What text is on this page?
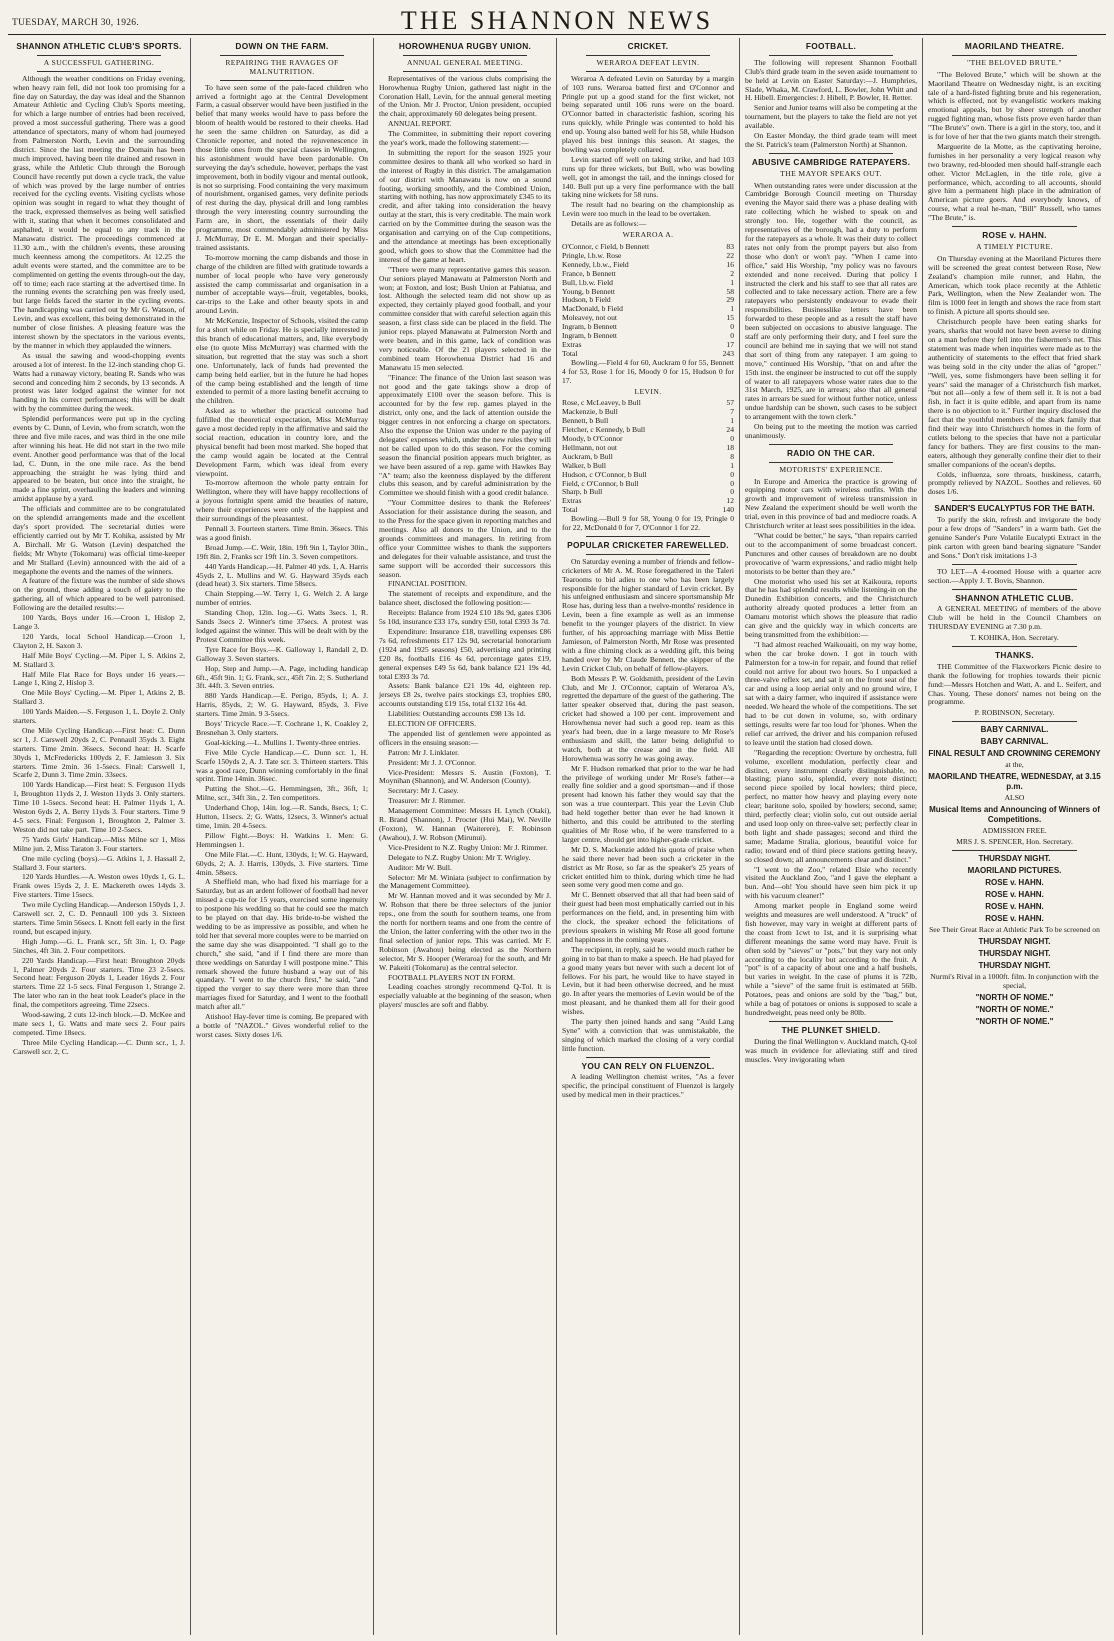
TUESDAY, MARCH 30, 1926.	THE SHANNON NEWS
SHANNON ATHLETIC CLUB'S SPORTS.
A SUCCESSFUL GATHERING.

Although the weather conditions on Friday evening, when heavy rain fell, did not look too promising for a fine day on Saturday, the day was ideal and the Shannon Amateur Athletic and Cycling Club's Sports meeting, for which a large number of entries had been received, proved a most successful gathering. There was a good attendance of spectators, many of whom had journeyed from Palmerston North, Levin and the surrounding district. Since the last meeting the Domain has been much improved, having been tile drained and resown in grass, while the Athletic Club through the Borough Council have recently put down a cycle track, the value of which was proved by the large number of entries received for the cycling events. Visiting cyclists whose opinion was sought in regard to what they thought of the track, expressed themselves as being well satisfied with it, stating that when it becomes consolidated and asphalted, it would be equal to any track in the Manawatu district. The proceedings commenced at 11.30 a.m., with the children's events, these arousing much keenness among the competitors. At 12.25 the adult events were started, and the committee are to be complimented on getting the events through-out the day, off to time; each race starting at the advertised time. In the running events the scratching pen was freely used, but large fields faced the starter in the cycling events. The handicapping was carried out by Mr G. Watson, of Levin, and was excellent, this being demonstrated in the number of close finishes. A pleasing feature was the interest shown by the spectators in the various events, by the manner in which they applauded the winners.

As usual the sawing and wood-chopping events aroused a lot of interest. In the 12-inch standing chop G. Watts had a runaway victory, beating R. Sands who was second and conceding him 2 seconds, by 13 seconds. A protest was later lodged against the winner for not handing in his correct performances; this will be dealt with by the committee during the week.

Splendid performances were put up in the cycling events by C. Dunn, of Levin, who from scratch, won the three and five mile races, and was third in the one mile after winning his heat. He did not start in the two mile event. Another good performance was that of the local lad, C. Dunn, in the one mile race. As the bend approaching the straight he was lying third and appeared to be beaten, but once into the straight, he made a fine sprint, overhauling the leaders and winning amidst applause by a yard.

The officials and committee are to be congratulated on the splendid arrangements made and the excellent day's sport provided. The secretarial duties were efficiently carried out by Mr T. Kohika, assisted by Mr A. Birchall. Mr G. Watson (Levin) despatched the fields; Mr Whyte (Tokomaru) was official time-keeper and Mr Stallard (Levin) announced with the aid of a megaphone the events and the names of the winners.

A feature of the fixture was the number of side shows on the ground, these adding a touch of gaiety to the gathering, all of which appeared to be well patronised. Following are the detailed results:—

100 Yards, Boys under 16.—Croon 1, Hislop 2, Lange 3.

120 Yards, local School Handicap.—Croon 1, Clayton 2, H. Saxon 3.

Half Mile Boys' Cycling.—M. Piper 1, S. Atkins 2, M. Stallard 3.

Half Mile Flat Race for Boys under 16 years.—Lange 1, King 2, Hislop 3.

One Mile Boys' Cycling.—M. Piper 1, Atkins 2, B. Stallard 3.

100 Yards Maiden.—S. Ferguson 1, L. Doyle 2. Only starters.

One Mile Cycling Handicap.—First heat: C. Dunn scr 1, J. Carswell 20yds 2, C. Pennaull 35yds 3. Eight starters. Time 2min. 36secs. Second heat: H. Scarfe 30yds 1, McFredericks 100yds 2, F. Jamieson 3. Six starters. Time 2min. 36 1-5secs. Final: Carswell 1, Scarfe 2, Dunn 3. Time 2min. 33secs.

100 Yards Handicap.—First heat: S. Ferguson 11yds 1, Broughton 11yds 2, J. Weston 11yds 3. Only starters. Time 10 1-5secs. Second heat: H. Palmer 11yds 1, A. Weston 6yds 2, A. Berry 11yds 3. Four starters. Time 9 4-5 secs. Final: Ferguson 1, Broughton 2, Palmer 3. Weston did not take part. Time 10 2-5secs.

75 Yards Girls' Handicap.—Miss Milne scr 1, Miss Milne jun. 2, Miss Taraton 3. Four starters.

One mile cycling (boys).—G. Atkins 1, J. Hassall 2, Stallard 3. Four starters.

120 Yards Hurdles.—A. Weston owes 10yds 1, G. L. Frank owes 15yds 2, J. E. Mackereth owes 14yds 3. Five starters. Time 15secs.

Two mile Cycling Handicap.—Anderson 150yds 1, J. Carswell scr. 2, C. D. Pennaull 100 yds 3. Sixteen starters. Time 5min 56secs. I. Knott fell early in the first round, but escaped injury.

High Jump.—G. L. Frank scr., 5ft 3in. 1, O. Page 5inches, 4ft 3in. 2. Four competitors.

220 Yards Handicap.—First heat: Broughton 20yds 1, Palmer 20yds 2. Four starters. Time 23 2-5secs. Second heat: Ferguson 20yds 1, Leader 16yds 2. Four starters. Time 22 1-5 secs. Final Ferguson 1, Strange 2. The later who ran in the heat took Leader's place in the final, the competitors agreeing. Time 22secs.

Wood-sawing, 2 cuts 12-inch block.—D. McKee and mate secs 1, G. Watts and mate secs 2. Four pairs competed. Time 18secs.

Three Mile Cycling Handicap.—C. Dunn scr., 1, J. Carswell scr. 2, C.

DOWN ON THE FARM.
REPAIRING THE RAVAGES OF MALNUTRITION.

To have seen some of the pale-faced children who arrived a fortnight ago at the Central Development Farm, a casual observer would have been justified in the belief that many weeks would have to pass before the bloom of health would be restored to their cheeks. Had he seen the same children on Saturday, as did a Chronicle reporter, and noted the rejuvenescence in those little ones from the special classes in Wellington, his astonishment would have been pardonable. On surveying the day's schedule, however, perhaps the vast improvement, both in bodily vigour and mental outlook, is not so surprising. Food containing the very maximum of nourishment, organised games, very definite periods of rest during the day, physical drill and long rambles through the very interesting country surrounding the Farm are, in short, the essentials of their daily programme, most commendably administered by Miss J. McMurray, Dr E. M. Morgan and their specially-trained assistants.

To-morrow morning the camp disbands and those in charge of the children are filled with gratitude towards a number of local people who have very generously assisted the camp commissariat and organisation in a number of acceptable ways—fruit, vegetables, books, car-trips to the Lake and other beauty spots in and around Levin.

Mr McKenzie, Inspector of Schools, visited the camp for a short while on Friday. He is specially interested in this branch of educational matters, and, like everybody else (to quote Miss McMurray) was charmed with the situation, but regretted that the stay was such a short one. Unfortunately, lack of funds had prevented the camp being held earlier, but in the future he had hopes of the camp being established and the length of time extended to permit of a more lasting benefit accruing to the children.

Asked as to whether the practical outcome had fulfilled the theoretical expectation, Miss McMurray gave a most decided reply in the affirmative and said the social reaction, education in country lore, and the physical benefit had been most marked. She hoped that the camp would again be located at the Central Development Farm, which was ideal from every viewpoint.

To-morrow afternoon the whole party entrain for Wellington, where they will have happy recollections of a joyous fortnight spent amid the beauties of nature, where their experiences were only of the happiest and their surroundings of the pleasantest.

Pennall 3. Fourteen starters. Time 8min. 36secs. This was a good finish.

Broad Jump.—C. Weir, 18in. 19ft 9in 1, Taylor 30in., 19ft 8in. 2, Franks scr 19ft 1in. 3. Seven competitors.

440 Yards Handicap.—H. Palmer 40 yds. 1, A. Harris 45yds 2, L. Mullins and W. G. Hayward 35yds each (dead heat) 3. Six starters. Time 58secs.

Chain Stepping.—W. Terry 1, G. Welch 2. A large number of entries.

Standing Chop, 12in. log.—G. Watts 3secs. 1, R. Sands 3secs 2. Winner's time 37secs. A protest was lodged against the winner. This will be dealt with by the Protest Committee this week.

Tyre Race for Boys.—K. Galloway 1, Randall 2, D. Galloway 3. Seven starters.

Hop, Step and Jump.—A. Page, including handicap 6ft., 45ft 9in. 1; G. Frank, scr., 45ft 7in. 2; S. Sutherland 3ft. 44ft. 3. Seven entries.

880 Yards Handicap.—E. Perigo, 85yds, 1; A. J. Harris, 85yds, 2; W. G. Hayward, 85yds, 3. Five starters. Time 2min. 9 3-5secs.

Boys' Tricycle Race.—T. Cochrane 1, K. Coakley 2, Bresnehan 3. Only starters.

Goal-kicking.—L. Mullins 1. Twenty-three entries.

Five Mile Cycle Handicap.—C. Dunn scr. 1, H. Scarfe 150yds 2, A. J. Tate scr. 3. Thirteen starters. This was a good race, Dunn winning comfortably in the final sprint. Time 14min. 36sec.

Putting the Shot.—G. Hemmingsen, 3ft., 36ft, 1; Milne, scr., 34ft 3in., 2. Ten competitors.

Underhand Chop, 14in. log.—R. Sands, 8secs, 1; C. Hutton, 11secs. 2; G. Watts, 12secs, 3. Winner's actual time, 1min. 20 4-5secs.

Pillow Fight.—Boys: H. Watkins 1. Men: G. Hemmingsen 1.

One Mile Flat.—C. Hunt, 130yds, 1; W. G. Hayward, 60yds, 2; A. J. Harris, 130yds, 3. Five starters. Time 4min. 58secs.

A Sheffield man, who had fixed his marriage for a Saturday, but as an ardent follower of football had never missed a cup-tie for 15 years, exercised some ingenuity to postpone his wedding so that he could see the match to be played on that day. His bride-to-be wished the wedding to be as impressive as possible, and when he told her that several more couples were to be married on the same day she was disappointed. "I shall go to the church," she said, "and if I find there are more than three weddings on Saturday I will postpone mine." This remark showed the future husband a way out of his quandary. "I went to the church first," he said, "and tipped the verger to say there were more than three marriages fixed for Saturday, and I went to the football match after all."

Atishoo! Hay-fever time is coming. Be prepared with a bottle of "NAZOL." Gives wonderful relief to the worst cases. Sixty doses 1/6.

HOROWHENUA RUGBY UNION.
ANNUAL GENERAL MEETING.

Representatives of the various clubs comprising the Horowhenua Rugby Union, gathered last night in the Coronation Hall, Levin, for the annual general meeting of the Union. Mr J. Proctor, Union president, occupied the chair, approximately 60 delegates being present.

ANNUAL REPORT.

The Committee, in submitting their report covering the year's work, made the following statement:—

In submitting the report for the season 1925 your committee desires to thank all who worked so hard in the interest of Rugby in this district. The amalgamation of our district with Manawatu is now on a sound footing, working smoothly, and the Combined Union, starting with nothing, has now approximately £345 to its credit, and after taking into consideration the heavy outlay at the start, this is very creditable. The main work carried on by the Committee during the season was the organisation and carrying on of the Cup competitions, and the attendance at meetings has been exceptionally good, which goes to show that the Committee had the interest of the game at heart.

"There were many representative games this season. Our seniors played Manawatu at Palmerston North and won; at Foxton, and lost; Bush Union at Pahiatua, and lost. Although the selected team did not show up as expected, they certainly played good football, and your committee consider that with careful selection again this season, a first class side can be placed in the field. The junior reps. played Manawatu at Palmerston North and were beaten, and in this game, lack of condition was very noticeable. Of the 21 players selected in the combined team Horowhenua District had 16 and Manawatu 15 men selected.

"Finance: The finance of the Union last season was not good and the gate takings show a drop of approximately £100 over the season before. This is accounted for by the few rep. games played in the district, only one, and the lack of attention outside the bigger centres in not enforcing a charge on spectators. Also the expense the Union was under re the paying of delegates' expenses which, under the new rules they will not be called upon to do this season. For the coming season the financial position appears much brighter, as we have been assured of a rep. game with Hawkes Bay "A" team; also the keenness displayed by the different clubs this season, and by careful administration by the Committee we should finish with a good credit balance.

"Your Committee desires to thank the Referees' Association for their assistance during the season, and to the Press for the space given in reporting matches and meetings. Also all donors to the Union, and to the grounds committees and managers. In retiring from office your Committee wishes to thank the supporters and delegates for their valuable assistance, and trust the same support will be accorded their successors this season.

FINANCIAL POSITION.

The statement of receipts and expenditure, and the balance sheet, disclosed the following position:—

Receipts: Balance from 1924 £10 18s 9d, gates £306 5s 10d, insurance £33 17s, sundry £50, total £393 3s 7d.

Expenditure: Insurance £18, travelling expenses £86 7s 6d, refreshments £17 12s 9d, secretarial honorarium (1924 and 1925 seasons) £50, advertising and printing £20 8s, footballs £16 4s 6d, percentage gates £19, general expenses £49 5s 6d, bank balance £21 19s 4d, total £393 3s 7d.

Assets: Bank balance £21 19s 4d, eighteen rep. jerseys £8 2s, twelve pairs stockings £3, trophies £80, accounts outstanding £19 15s, total £132 16s 4d.

Liabilities: Outstanding accounts £98 13s 1d.

ELECTION OF OFFICERS.

The appended list of gentlemen were appointed as officers in the ensuing season:—

Patron: Mr J. Linklater.

President: Mr J. J. O'Connor.

Vice-President: Messrs S. Austin (Foxton), T. Moynihan (Shannon), and W. Anderson (County).

Secretary: Mr J. Casey.

Treasurer: Mr J. Rimmer.

Management Committee: Messrs H. Lynch (Otaki), R. Brand (Shannon), J. Procter (Hui Mai), W. Neville (Foxton), W. Hannan (Waiterere), F. Robinson (Awahou), J. W. Robson (Mirunui).

Vice-President to N.Z. Rugby Union: Mr J. Rimmer.

Delegate to N.Z. Rugby Union: Mr T. Wrigley.

Auditor: Mr W. Bull.

Selector: Mr M. Winiata (subject to confirmation by the Management Committee).

Mr W. Hannan moved and it was seconded by Mr J. W. Robson that there be three selectors of the junior reps., one from the south for southern teams, one from the north for northern teams and one from the centre of the Union, the latter conferring with the other two in the final selection of junior reps. This was carried. Mr F. Robinson (Awahou) being elected as the Northern selector, Mr S. Hooper (Weraroa) for the south, and Mr W. Pakeiti (Tokomaru) as the central selector.

FOOTBALL PLAYERS NOT IN FORM.

Leading coaches strongly recommend Q-Tol. It is especially valuable at the beginning of the season, when players' muscles are soft and flabby.

CRICKET.
WERAROA DEFEAT LEVIN.

Weraroa A defeated Levin on Saturday by a margin of 103 runs. Weraroa batted first and O'Connor and Pringle put up a good stand for the first wicket, not being separated until 106 runs were on the board. O'Connor batted in characteristic fashion, scoring his runs quickly, while Pringle was contented to hold his end up. Young also batted well for his 58, while Hudson played his best innings this season. At stages, the bowling was completely collared.

Levin started off well on taking strike, and had 103 runs up for three wickets, but Bull, who was bowling well, got in amongst the tail, and the innings closed for 140. Bull put up a very fine performance with the ball taking nine wickets for 58 runs.

The result had no bearing on the championship as Levin were too much in the lead to be overtaken.

Details are as follows:—

WERAROA A.
O'Connor, c Field, b Bennett	83
Pringle, l.b.w. Rose	22
Kennedy, l.b.w., Field	16
France, b Bennett	2
Bull, l.b.w. Field	1
Young, b Bennett	58
Hudson, b Field	29
MacDonald, b Field	1
Moleavey, not out	15
Ingram, b Bennett	0
Ingram, b Bennett	0
Extras	17
Total	243

Bowling.—Field 4 for 60, Auckram 0 for 55, Bennett 4 for 53, Rose 1 for 16, Moody 0 for 15, Hudson 0 for 17.

LEVIN.
Rose, c McLeavey, b Bull	57
Mackenzie, b Bull	7
Bennett, b Bull	1
Fletcher, c Kennedy, b Bull	24
Moody, b O'Connor	0
Hellmann, not out	18
Auckram, b Bull	8
Walker, b Bull	1
Hudson, c O'Connor, b Bull	0
Field, c O'Connor, b Bull	0
Sharp, b Bull	0
Extras	12
Total	140

Bowling.—Bull 9 for 58, Young 0 for 19, Pringle 0 for 22, McDonald 0 for 7, O'Connor 1 for 22.

POPULAR CRICKETER FAREWELLED.

On Saturday evening a number of friends and fellow-cricketers of Mr A. M. Rose foregathered in the Taleri Tearooms to bid adieu to one who has been largely responsible for the higher standard of Levin cricket. By his unfeigned enthusiasm and sincere sportsmanship Mr Rose has, during less than a twelve-months' residence in Levin, been a fine example as well as an immense benefit to the younger players of the district. In view further, of his approaching marriage with Miss Bettie Jamieson, of Palmerston North, Mr Rose was presented with a fine chiming clock as a wedding gift, this being handed over by Mr Claude Bennett, the skipper of the Levin Cricket Club, on behalf of fellow-players.

Both Messrs P. W. Goldsmith, president of the Levin Club, and Mr J. O'Connor, captain of Weraroa A's, regretted the departure of the guest of the gathering. The latter speaker observed that, during the past season, cricket had showed a 100 per cent. improvement and Horowhenua never had such a good rep. team as this year's had been, due in a large measure to Mr Rose's enthusiasm and skill, the latter being delightful to watch, both at the crease and in the field. All Horowhenua was sorry he was going away.

Mr F. Hudson remarked that prior to the war he had the privilege of working under Mr Rose's father—a really fine soldier and a good sportsman—and if those present had known his father they would say that the son was a true counterpart. This year the Levin Club had held together better than ever he had known it hitherto, and this could be attributed to the sterling qualities of Mr Rose who, if he were transferred to a larger centre, should get into higher-grade cricket.

Mr D. S. Mackenzie added his quota of praise when he said there never had been such a cricketer in the district as Mr Rose, so far as the speaker's 25 years of cricket entitled him to think, during which time he had seen some very good men come and go.

Mr C. Bennett observed that all that had been said of their guest had been most emphatically carried out in his performances on the field, and, in presenting him with the clock, the speaker echoed the felicitations of previous speakers in wishing Mr Rose all good fortune and happiness in the coming years.

The recipient, in reply, said he would much rather be going in to bat than to make a speech. He had played for a good many years but never with such a decent lot of fellows. For his part, he would like to have stayed in Levin, but it had been otherwise decreed, and he must go. In after years the memories of Levin would be of the most pleasant, and he thanked them all for their good wishes.

The party then joined hands and sang "Auld Lang Syne" with a conviction that was unmistakable, the singing of which marked the closing of a very cordial little function.

YOU CAN RELY ON FLUENZOL.

A leading Wellington chemist writes, "As a fever specific, the principal constituent of Fluenzol is largely used by medical men in their practices."

FOOTBALL.

The following will represent Shannon Football Club's third grade team in the seven aside tournament to be held at Levin on Easter Saturday:—J. Humphries, Slade, Whaka, M. Crawford, L. Bowler, John Whitt and H. Hibell. Emergencies: J. Hibell, P. Bowler, H. Retter.

Senior and Junior teams will also be competing at the tournament, but the players to take the field are not yet available.

On Easter Monday, the third grade team will meet the St. Patrick's team (Palmerston North) at Shannon.

ABUSIVE CAMBRIDGE RATEPAYERS.
THE MAYOR SPEAKS OUT.

When outstanding rates were under discussion at the Cambridge Borough Council meeting on Thursday evening the Mayor said there was a phase dealing with rate collecting which he wished to speak on and strongly too. He, together with the council, as representatives of the borough, had a duty to perform for the ratepayers as a whole. It was their duty to collect rates not only from the prompt payers but also from those who don't or won't pay. "When I came into office," said His Worship, "my policy was no favours extended and none received. During that policy I instructed the clerk and his staff to see that all rates are collected and to take necessary action. There are a few ratepayers who persistently endeavour to evade their responsibilities. Businesslike letters have been forwarded to these people and as a result the staff have been subjected on occasions to abusive language. The staff are only performing their duty, and I feel sure the council are behind me in saying that we will not stand that sort of thing from any ratepayer. I am going to move," continued His Worship, "that on and after the 15th inst. the engineer be instructed to cut off the supply of water to all ratepayers whose water rates due to the 31st March, 1925, are in arrears; also that all general rates in arrears be sued for without further notice, unless undue hardship can be shown, such cases to be subject to arrangement with the town clerk."

On being put to the meeting the motion was carried unanimously.

RADIO ON THE CAR.
MOTORISTS' EXPERIENCE.

In Europe and America the practice is growing of equipping motor cars with wireless outfits. With the growth and improvement of wireless transmission in New Zealand the experiment should be well worth the trial, even in this province of bad and mediocre roads. A Christchurch writer at least sees possibilities in the idea.

"What could be better," he says, "than repairs carried out to the accompaniment of some broadcast concert. Punctures and other causes of breakdown are no doubt provocative of 'warm expressions,' and radio might help motorists to be better than they are."

One motorist who used his set at Kaikoura, reports that he has had splendid results while listening-in on the Dunedin Exhibition concerts, and the Christchurch authority already quoted produces a letter from an Oamaru motorist which shows the pleasure that radio can give and the quickly way in which concerts are being transmitted from the exhibition:—

"I had almost reached Waikouaiti, on my way home, when the car broke down. I got in touch with Palmerston for a tow-in for repair, and found that relief could not arrive for about two hours. So I unpacked a three-valve reflex set, and sat it on the front seat of the car and using a loop aerial only and no ground wire, I sat with a dairy farmer, who inquired if assistance were needed. We heard the whole of the competitions. The set had to be cut down in volume, so, with ordinary settings, results were far too loud for 'phones. When the relief car arrived, the driver and his companion refused to leave until the station had closed down.

"Regarding the reception: Overture by orchestra, full volume, excellent modulation, perfectly clear and distinct, every instrument clearly distinguishable, no blasting; piano solo, splendid, every note distinct; second piece spoiled by local howlers; third piece, perfect, no matter how heavy and playing every note clear; baritone solo, spoiled by howlers; second, same; third, perfectly clear; violin solo, cut out outside aerial and used loop only on three-valve set; perfectly clear in both light and shade passages; second and third the same; Madame Stralia, glorious, beautiful voice for radio; toward end of third piece stations getting heavy, so closed down; all announcements clear and distinct."

"I went to the Zoo," related Elsie who recently visited the Auckland Zoo, "and I gave the elephant a bun. And—oh! You should have seen him pick it up with his vacuum cleaner!"

Among market people in England some weird weights and measures are well understood. A "truck" of fish however, may vary in weight at different parts of the coast from 1cwt to 1st, and it is surprising what different meanings the same word may have. Fruit is often sold by "sieves" or "pots," but they vary not only according to the locality but according to the fruit. A "pot" is of a capacity of about one and a half bushels, but varies in weight. In the case of plums it is 72lb, while a "sieve" of the same fruit is estimated at 56lb. Potatoes, peas and onions are sold by the "bag," but, while a bag of potatoes or onions is supposed to scale a hundredweight, peas need only be 80lb.

THE PLUNKET SHIELD.

During the final Wellington v. Auckland match, Q-tol was much in evidence for alleviating stiff and tired muscles. Very invigorating when

MAORILAND THEATRE.
"THE BELOVED BRUTE."

"The Beloved Brute," which will be shown at the Maoriland Theatre on Wednesday night, is an exciting tale of a hard-fisted fighting brute and his regeneration, which is effected, not by evangelistic workers making emotional appeals, but by sheer strength of another rugged fighting man, whose fists prove even harder than "The Brute's" own. There is a girl in the story, too, and it is for love of her that the two giants match their strength.

Marguerite de la Motte, as the captivating heroine, furnishes in her personality a very logical reason why two brawny, red-blooded men should half-strangle each other. Victor McLaglen, in the title role, give a performance, which, according to all accounts, should give him a permanent high place in the admiration of American picture goers. And everybody knows, of course, what a real he-man, "Bill" Russell, who tames "The Brute," is.

ROSE v. HAHN.
A TIMELY PICTURE.

On Thursday evening at the Maoriland Pictures there will be screened the great contest between Rose, New Zealand's champion mile runner, and Hahn, the American, which took place recently at the Athletic Park, Wellington, when the New Zealander won. The film is 1000 feet in length and shows the race from start to finish. A picture all sports should see.

Christchurch people have been eating sharks for years, sharks that would not have been averse to dining on a man before they fell into the fishermen's net. This statement was made when inquiries were made as to the authenticity of statements to the effect that fried shark was being sold in the city under the alias of "groper." "Well, yes, some fishmongers have been selling it for years" said the manager of a Christchurch fish market, "but not all—only a few of them sell it. It is not a bad fish, in fact it is quite edible, and apart from its name there is no objection to it." Further inquiry disclosed the fact that the youthful members of the shark family that find their way into Christchurch homes in the form of cutlets belong to the species that have not a particular fancy for bathers. They are first cousins to the man-eaters, although they generally confine their diet to their smaller companions of the ocean's depths.

Colds, influenza, sore throats, huskiness, catarrh, promptly relieved by NAZOL. Soothes and relieves. 60 doses 1/6.

SANDER'S EUCALYPTUS FOR THE BATH.

To purify the skin, refresh and invigorate the body pour a few drops of "Sanders" in a warm bath. Get the genuine Sander's Pure Volatile Eucalypti Extract in the pink carton with green band bearing signature "Sander and Sons." Don't risk imitations 1-3

TO LET—A 4-roomed House with a quarter acre section.—Apply J. T. Bovis, Shannon.

SHANNON ATHLETIC CLUB.

A GENERAL MEETING of members of the above Club will be held in the Council Chambers on THURSDAY EVENING at 7.30 p.m.

T. KOHIKA, Hon. Secretary.
THANKS.

THE Committee of the Flaxworkers Picnic desire to thank the following for trophies towards their picnic fund:—Messrs Hotchen and Watt, A. and L. Seifert, and Chas. Young. These donors' names not being on the programme.

P. ROBINSON, Secretary.
BABY CARNIVAL.
BABY CARNIVAL.
FINAL RESULT AND CROWNING CEREMONY
at the,
MAORILAND THEATRE, WEDNESDAY, at 3.15 p.m.
ALSO
Musical Items and Announcing of Winners of Competitions.
ADMISSION FREE.
MRS J. S. SPENCER, Hon. Secretary.
THURSDAY NIGHT.
MAORILAND PICTURES.
ROSE v. HAHN.
ROSE v. HAHN.
ROSE v. HAHN.
ROSE v. HAHN.
See Their Great Race at Athletic Park To be screened on
THURSDAY NIGHT.
THURSDAY NIGHT.
THURSDAY NIGHT.
Nurmi's Rival in a 1000ft. film. In conjunction with the special,
"NORTH OF NOME."
"NORTH OF NOME."
"NORTH OF NOME."
